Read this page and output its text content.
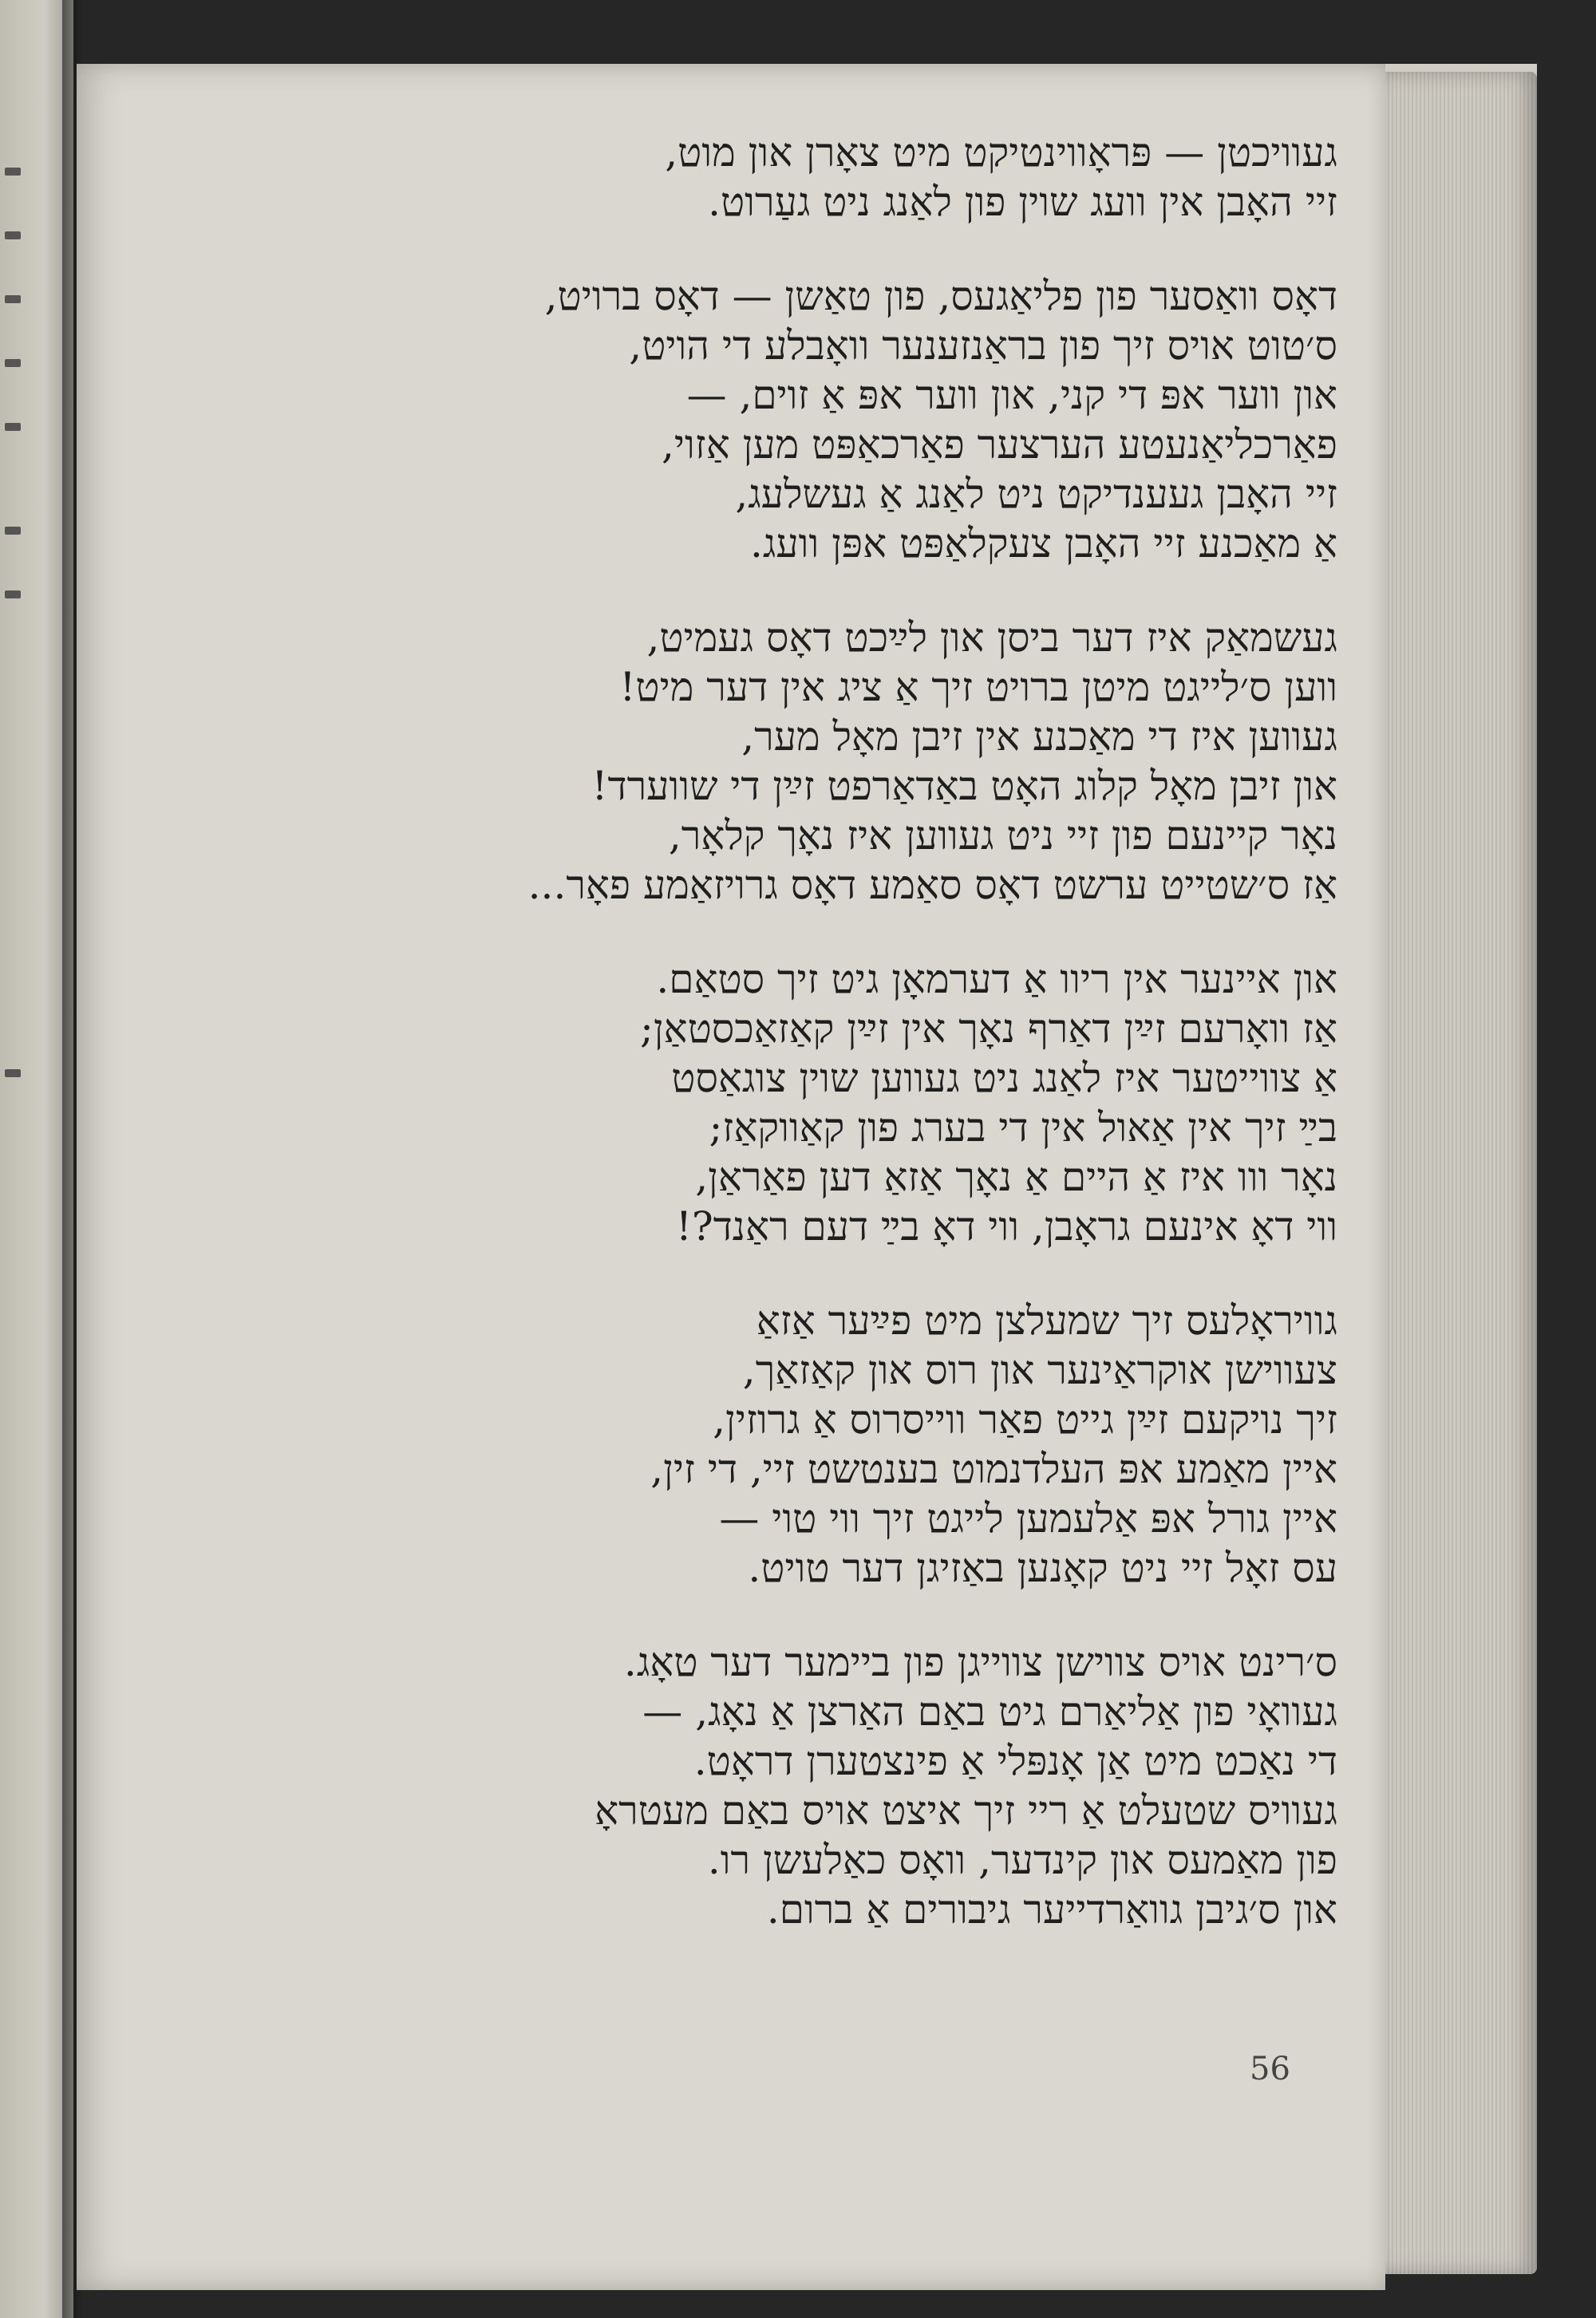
געוויכטן — פּראָווינטיקט מיט צאָרן און מוט,
זיי האָבן אין וועג שוין פון לאַנג ניט געַרוט.
דאָס וואַסער פון פליאַגעס, פון טאַשן — דאָס ברויט,
ס׳טוט אויס זיך פון בראַנזענער וואָבלע די הויט,
און ווער אפּ די קני, און ווער אפּ אַ זוים, —
פאַרכליאַנעטע הערצער פאַרכאַפּט מען אַזוי,
זיי האָבן געענדיקט ניט לאַנג אַ געשלעג,
אַ מאַכנע זיי האָבן צעקלאַפּט אפּן וועג.
געשמאַק איז דער ביסן און לײַכט דאָס געמיט,
ווען ס׳לייגט מיטן ברויט זיך אַ ציג אין דער מיט!
געווען איז די מאַכנע אין זיבן מאָל מער,
און זיבן מאָל קלוג האָט באַדאַרפט זײַן די שווערד!
נאָר קיינעם פון זיי ניט געווען איז נאָך קלאָר,
אַז ס׳שטייט ערשט דאָס סאַמע דאָס גרויזאַמע פאָר...
און איינער אין ריוו אַ דערמאָן גיט זיך סטאַם.
אַז וואָרעם זײַן דאַרף נאָך אין זײַן קאַזאַכסטאַן;
אַ צווייטער איז לאַנג ניט געווען שוין צוגאַסט
בײַ זיך אין אַאול אין די בערג פון קאַווקאַז;
נאָר ווו איז אַ היים אַ נאָך אַזאַ דען פאַראַן,
ווי דאָ אינעם גראָבן, ווי דאָ בײַ דעם ראַנד?!
גוויראָלעס זיך שמעלצן מיט פײַער אַזאַ
צעווישן אוקראַינער און רוס און קאַזאַך,
זיך נויקעם זײַן גייט פאַר ווייסרוס אַ גרוזין,
איין מאַמע אפּ העלדנמוט בענטשט זיי, די זין,
איין גורל אפּ אַלעמען לייגט זיך ווי טוי —
עס זאָל זיי ניט קאָנען באַזיגן דער טויט.
ס׳רינט אויס צווישן צווייגן פון ביימער דער טאָג.
געוואָי פון אַליאַרם גיט באַם האַרצן אַ נאָג, —
די נאַכט מיט אַן אָנפּלי אַ פינצטערן דראָט.
געוויס שטעלט אַ ריי זיך איצט אויס באַם מעטראָ
פון מאַמעס און קינדער, וואָס כאַלעשן רו.
און ס׳גיבן גוואַרדייער גיבורים אַ ברום.
56
